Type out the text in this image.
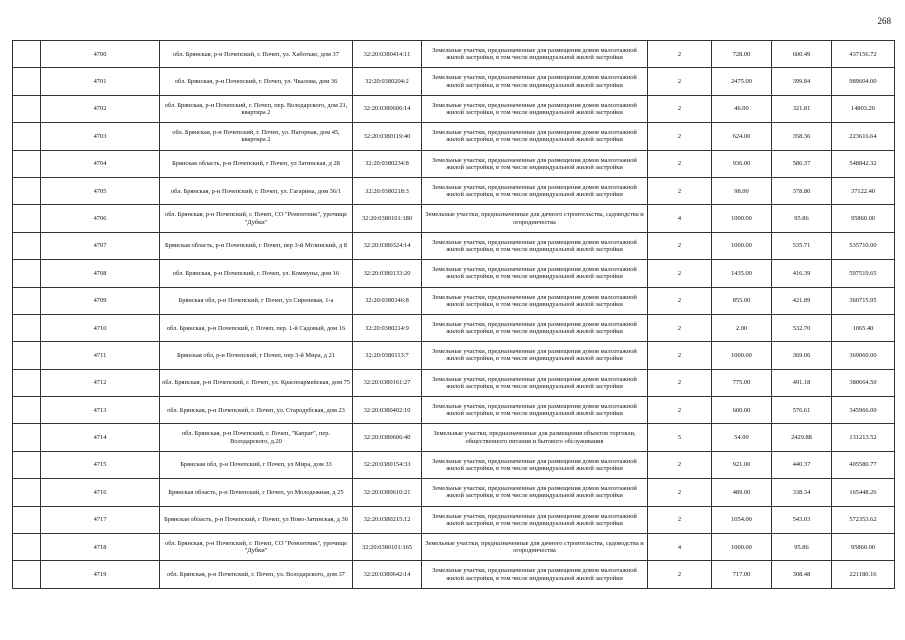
268
	4700	обл. Брянская, р-н Почепский, г. Почеп, ул. Хаботько, дом 37	32:20:0380414:11	Земельные участки, предназначенные для размещения домов малоэтажной жилой застройки, в том числе индивидуальной жилой застройки	2	728.00	600.49	437156.72
	4701	обл. Брянская, р-н Почепский, г. Почеп, ул. Чкалова, дом 36	32:20:0380204:2	Земельные участки, предназначенные для размещения домов малоэтажной жилой застройки, в том числе индивидуальной жилой застройки	2	2475.00	399.84	989604.00
	4702	обл. Брянская, р-н Почепский, г. Почеп, пер. Володарского, дом 21, квартира 2	32:20:0380606:14	Земельные участки, предназначенные для размещения домов малоэтажной жилой застройки, в том числе индивидуальной жилой застройки	2	46.00	321.81	14803.26
	4703	обл. Брянская, р-н Почепский, г. Почеп, ул. Нагорная, дом 45, квартира 2	32:20:0380119:40	Земельные участки, предназначенные для размещения домов малоэтажной жилой застройки, в том числе индивидуальной жилой застройки	2	624.00	358.36	223616.64
	4704	Брянская область, р-н Почепский, г Почеп, ул Затинская, д 28	32:20:0380234:8	Земельные участки, предназначенные для размещения домов малоэтажной жилой застройки, в том числе индивидуальной жилой застройки	2	936.00	586.37	548842.32
	4705	обл. Брянская, р-н Почепский, г. Почеп, ул. Гагарина, дом 36/1	32:20:0380218:3	Земельные участки, предназначенные для размещения домов малоэтажной жилой застройки, в том числе индивидуальной жилой застройки	2	98.00	378.80	37122.40
	4706	обл. Брянская, р-н Почепский, г. Почеп, СО "Ремонтник", урочище "Дубки"	32:20:0380101:180	Земельные участки, предназначенные для дачного строительства, садоводства и огородничества	4	1000.00	95.86	95860.00
	4707	Брянская область, р-н Почепский, г Почеп, пер 3-й Мглинский, д 8	32:20:0380324:14	Земельные участки, предназначенные для размещения домов малоэтажной жилой застройки, в том числе индивидуальной жилой застройки	2	1000.00	535.71	535710.00
	4708	обл. Брянская, р-н Почепский, г. Почеп, ул. Коммуны, дом 16	32:20:0380133:20	Земельные участки, предназначенные для размещения домов малоэтажной жилой застройки, в том числе индивидуальной жилой застройки	2	1435.00	416.39	597519.65
	4709	Брянская обл, р-н Почепский, г Почеп, ул Сиреневая, 1-а	32:20:0380346:8	Земельные участки, предназначенные для размещения домов малоэтажной жилой застройки, в том числе индивидуальной жилой застройки	2	855.00	421.89	360715.95
	4710	обл. Брянская, р-н Почепский, г. Почеп, пер. 1-й Садовый, дом 16	32:20:0380214:9	Земельные участки, предназначенные для размещения домов малоэтажной жилой застройки, в том числе индивидуальной жилой застройки	2	2.00	532.70	1065.40
	4711	Брянская обл, р-н Почепский, г Почеп, пер 3-й Мира, д 21	32:20:0380113:7	Земельные участки, предназначенные для размещения домов малоэтажной жилой застройки, в том числе индивидуальной жилой застройки	2	1000.00	369.06	369060.00
	4712	обл. Брянская, р-н Почепский, г. Почеп, ул. Красноармейская, дом 75	32:20:0380161:27	Земельные участки, предназначенные для размещения домов малоэтажной жилой застройки, в том числе индивидуальной жилой застройки	2	775.00	491.18	380664.50
	4713	обл. Брянская, р-н Почепский, г. Почеп, ул. Стародубская, дом 23	32:20:0380402:10	Земельные участки, предназначенные для размещения домов малоэтажной жилой застройки, в том числе индивидуальной жилой застройки	2	600.00	576.61	345966.00
	4714	обл. Брянская, р-н Почепский, г. Почеп, "Капрат", пер. Володарского, д.20	32:20:0380606:40	Земельные участки, предназначенные для размещения объектов торговли, общественного питания и бытового обслуживания	5	54.00	2429.88	131213.52
	4715	Брянская обл, р-н Почепский, г Почеп, ул Мира, дом 33	32:20:0380154:33	Земельные участки, предназначенные для размещения домов малоэтажной жилой застройки, в том числе индивидуальной жилой застройки	2	921.00	440.37	405580.77
	4716	Брянская область, р-н Почепский, г Почеп, ул Молодежная, д 25	32:20:0380610:21	Земельные участки, предназначенные для размещения домов малоэтажной жилой застройки, в том числе индивидуальной жилой застройки	2	489.00	338.34	165448.26
	4717	Брянская область, р-н Почепский, г Почеп, ул Ново-Затинская, д 36	32:20:0380215:12	Земельные участки, предназначенные для размещения домов малоэтажной жилой застройки, в том числе индивидуальной жилой застройки	2	1054.00	543.03	572353.62
	4718	обл. Брянская, р-н Почепский, г. Почеп, СО "Ремонтник", урочище "Дубки"	32:20:0380101:165	Земельные участки, предназначенные для дачного строительства, садоводства и огородничества	4	1000.00	95.86	95860.00
	4719	обл. Брянская, р-н Почепский, г. Почеп, ул. Володарского, дом 37	32:20:0380642:14	Земельные участки, предназначенные для размещения домов малоэтажной жилой застройки, в том числе индивидуальной жилой застройки	2	717.00	308.48	221180.16
